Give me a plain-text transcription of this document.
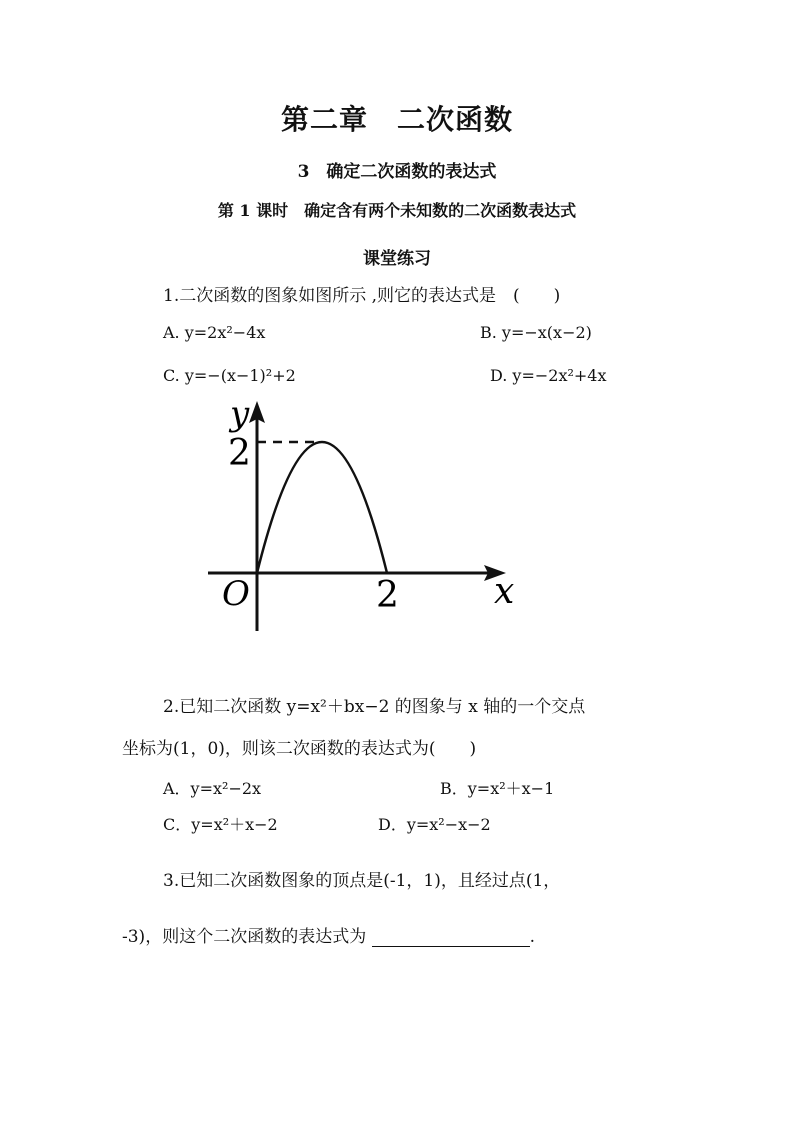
第二章　二次函数
3　确定二次函数的表达式
第 1 课时　确定含有两个未知数的二次函数表达式
课堂练习
1.二次函数的图象如图所示 ,则它的表达式是　(　　)
A. y=2x²−4x	B. y=−x(x−2)
C. y=−(x−1)²+2	D. y=−2x²+4x
y
x
O
2
2
2.已知二次函数 y=x²＋bx−2 的图象与 x 轴的一个交点
坐标为(1，0)，则该二次函数的表达式为(　　)
A．y=x²−2x	B．y=x²＋x−1
C．y=x²＋x−2	D．y=x²−x−2
3.已知二次函数图象的顶点是(-1，1)，且经过点(1，
-3)，则这个二次函数的表达式为	.
